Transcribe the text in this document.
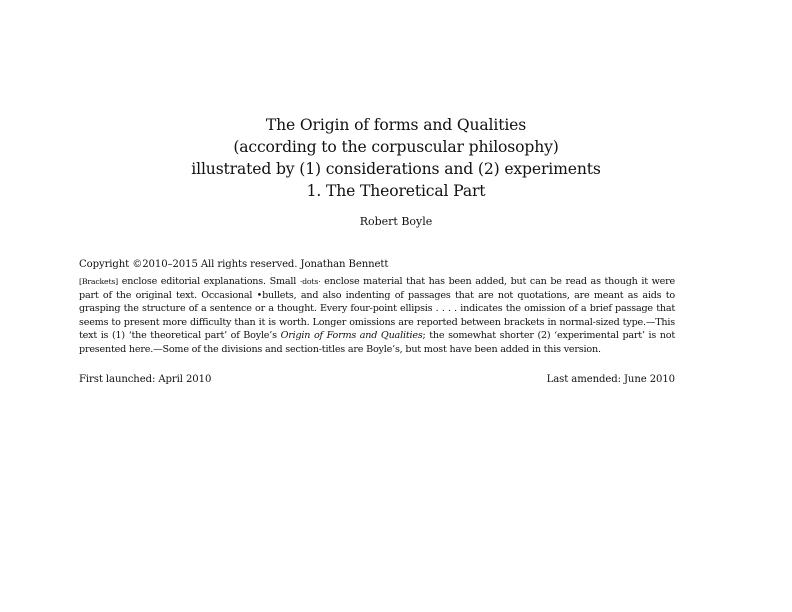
The Origin of forms and Qualities
(according to the corpuscular philosophy)
illustrated by (1) considerations and (2) experiments
1. The Theoretical Part
Robert Boyle
Copyright ©2010–2015 All rights reserved. Jonathan Bennett
[Brackets] enclose editorial explanations. Small ·dots· enclose material that has been added, but can be read as though it were part of the original text. Occasional •bullets, and also indenting of passages that are not quotations, are meant as aids to grasping the structure of a sentence or a thought. Every four-point ellipsis . . . . indicates the omission of a brief passage that seems to present more difficulty than it is worth. Longer omissions are reported between brackets in normal-sized type.—This text is (1) ‘the theoretical part’ of Boyle’s Origin of Forms and Qualities; the somewhat shorter (2) ‘experimental part’ is not presented here.—Some of the divisions and section-titles are Boyle’s, but most have been added in this version.
First launched: April 2010	Last amended: June 2010
